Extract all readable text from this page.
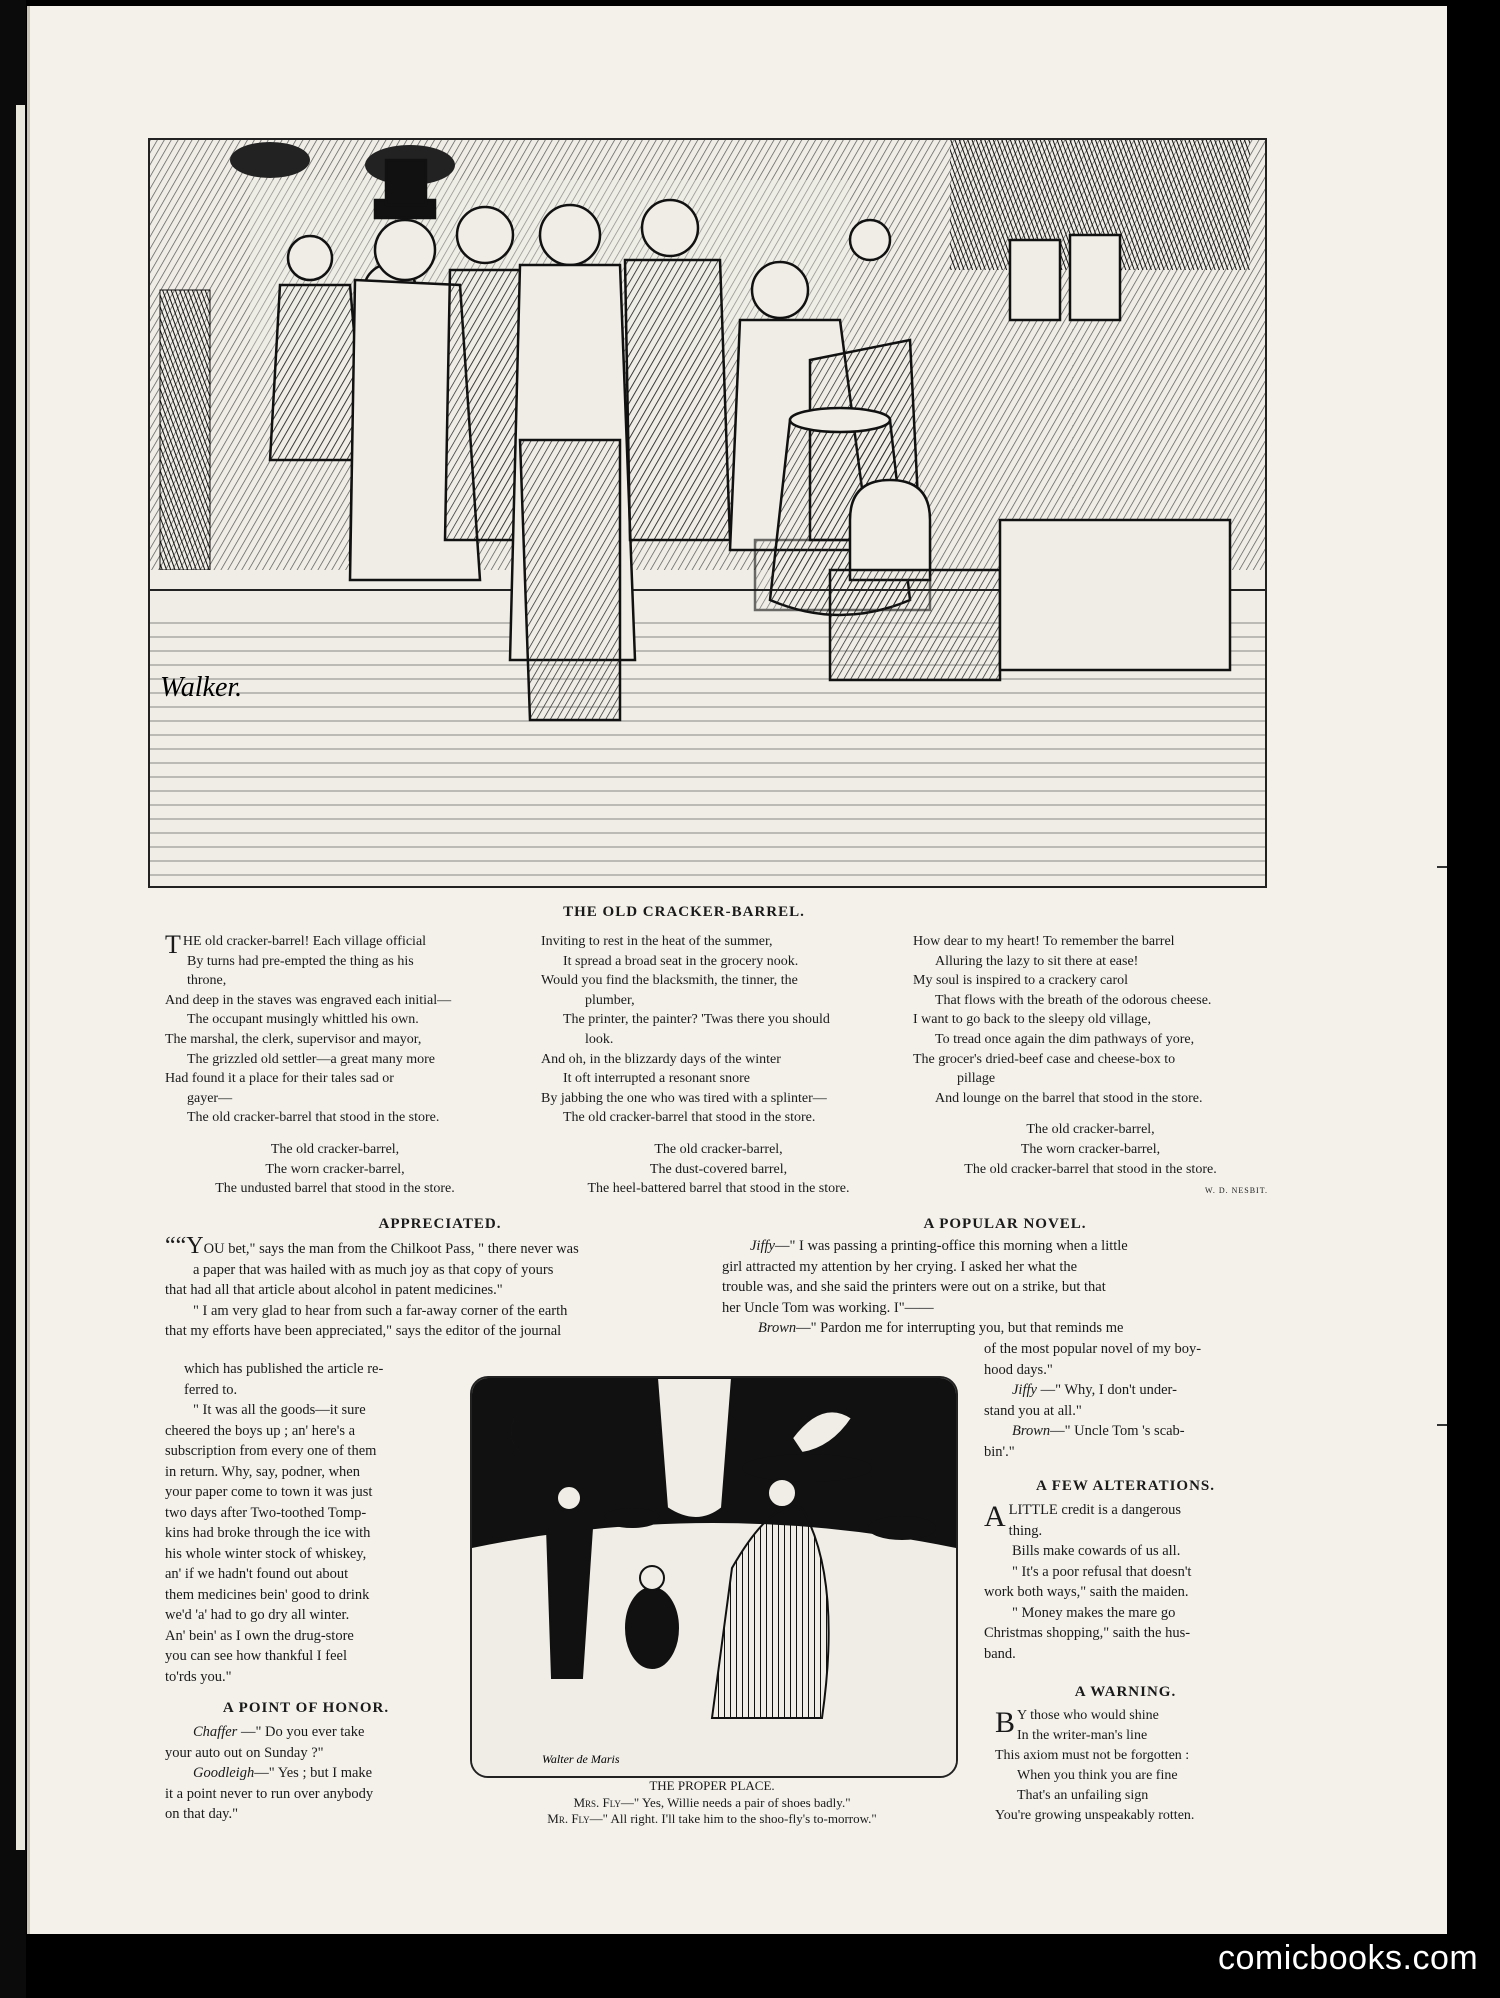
Walker.
THE OLD CRACKER-BARREL.
THE old cracker-barrel! Each village official
By turns had pre-empted the thing as his
throne,
And deep in the staves was engraved each initial—
The occupant musingly whittled his own.
The marshal, the clerk, supervisor and mayor,
The grizzled old settler—a great many more
Had found it a place for their tales sad or
gayer—
The old cracker-barrel that stood in the store.
The old cracker-barrel,
The worn cracker-barrel,
The undusted barrel that stood in the store.
Inviting to rest in the heat of the summer,
It spread a broad seat in the grocery nook.
Would you find the blacksmith, the tinner, the
plumber,
The printer, the painter? 'Twas there you should
look.
And oh, in the blizzardy days of the winter
It oft interrupted a resonant snore
By jabbing the one who was tired with a splinter—
The old cracker-barrel that stood in the store.
The old cracker-barrel,
The dust-covered barrel,
The heel-battered barrel that stood in the store.
How dear to my heart! To remember the barrel
Alluring the lazy to sit there at ease!
My soul is inspired to a crackery carol
That flows with the breath of the odorous cheese.
I want to go back to the sleepy old village,
To tread once again the dim pathways of yore,
The grocer's dried-beef case and cheese-box to
pillage
And lounge on the barrel that stood in the store.
The old cracker-barrel,
The worn cracker-barrel,
The old cracker-barrel that stood in the store.
W. D. NESBIT.
APPRECIATED.
““YOU bet," says the man from the Chilkoot Pass, " there never was
a paper that was hailed with as much joy as that copy of yours
that had all that article about alcohol in patent medicines."
" I am very glad to hear from such a far-away corner of the earth
that my efforts have been appreciated," says the editor of the journal
which has published the article re-
ferred to.
" It was all the goods—it sure
cheered the boys up ; an' here's a
subscription from every one of them
in return. Why, say, podner, when
your paper come to town it was just
two days after Two-toothed Tomp-
kins had broke through the ice with
his whole winter stock of whiskey,
an' if we hadn't found out about
them medicines bein' good to drink
we'd 'a' had to go dry all winter.
An' bein' as I own the drug-store
you can see how thankful I feel
to'rds you."
A POINT OF HONOR.
Chaffer —" Do you ever take
your auto out on Sunday ?"
Goodleigh—" Yes ; but I make
it a point never to run over anybody
on that day."
Walter de Maris
THE PROPER PLACE.
Mrs. Fly—" Yes, Willie needs a pair of shoes badly."
Mr. Fly—" All right. I'll take him to the shoo-fly's to-morrow."
A POPULAR NOVEL.
Jiffy—" I was passing a printing-office this morning when a little
girl attracted my attention by her crying. I asked her what the
trouble was, and she said the printers were out on a strike, but that
her Uncle Tom was working. I"——
Brown—" Pardon me for interrupting you, but that reminds me
of the most popular novel of my boy-
hood days."
Jiffy —" Why, I don't under-
stand you at all."
Brown—" Uncle Tom 's scab-
bin'."
A FEW ALTERATIONS.
A LITTLE credit is a dangerous
thing.
Bills make cowards of us all.
" It's a poor refusal that doesn't
work both ways," saith the maiden.
" Money makes the mare go
Christmas shopping," saith the hus-
band.
A WARNING.
B Y those who would shine
In the writer-man's line
This axiom must not be forgotten :
When you think you are fine
That's an unfailing sign
You're growing unspeakably rotten.
comicbooks.com
